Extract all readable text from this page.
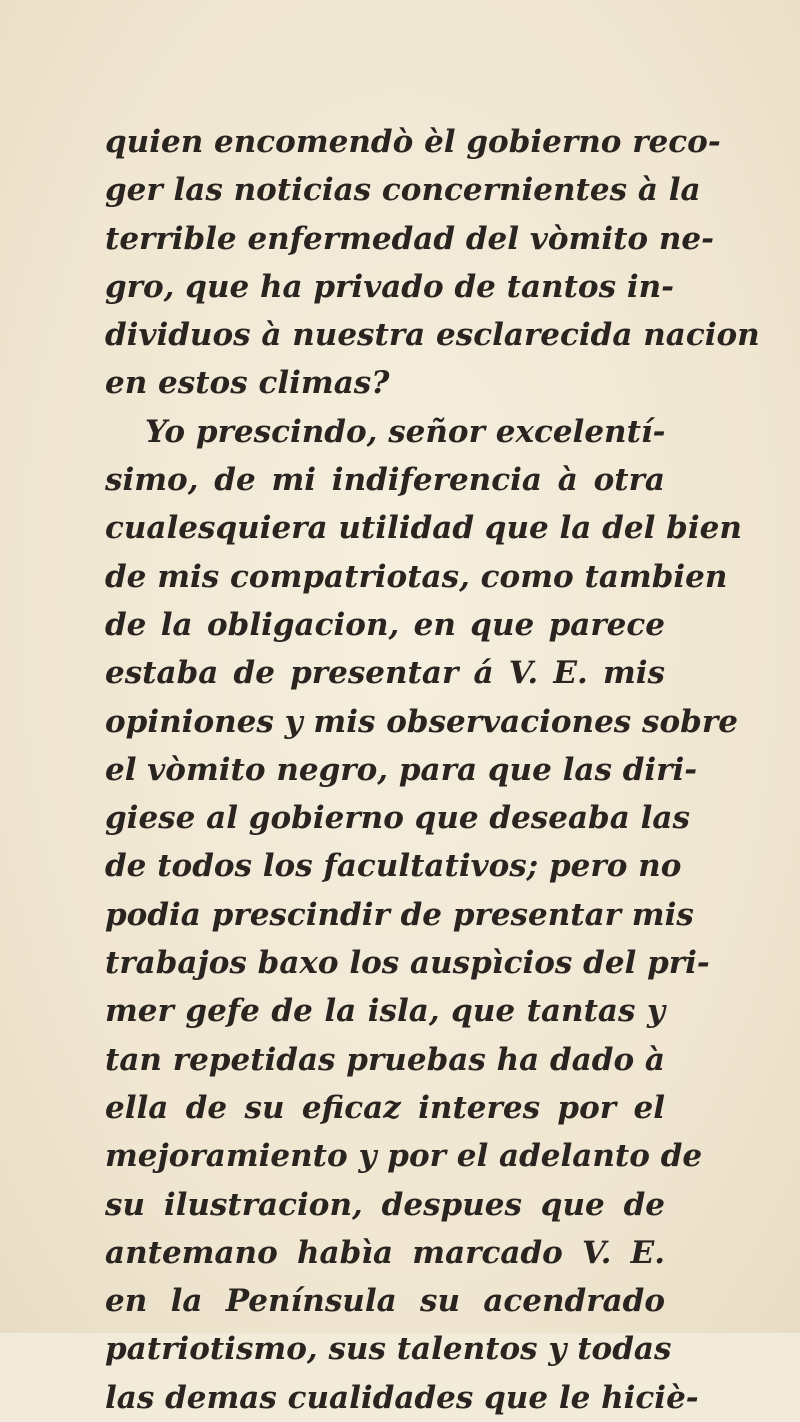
quien encomendò èl gobierno reco-
ger las noticias concernientes à la
terrible enfermedad del vòmito ne-
gro, que ha privado de tantos in-
dividuos à nuestra esclarecida nacion
en estos climas?
Yo prescindo, señor excelentí-
simo, de mi indiferencia à otra
cualesquiera utilidad que la del bien
de mis compatriotas, como tambien
de la obligacion, en que parece
estaba de presentar á V. E. mis
opiniones y mis observaciones sobre
el vòmito negro, para que las diri-
giese al gobierno que deseaba las
de todos los facultativos; pero no
podia prescindir de presentar mis
trabajos baxo los auspìcios del pri-
mer gefe de la isla, que tantas y
tan repetidas pruebas ha dado à
ella de su eficaz interes por el
mejoramiento y por el adelanto de
su ilustracion, despues que de
antemano habìa marcado V. E.
en la Península su acendrado
patriotismo, sus talentos y todas
las demas cualidades que le hiciè-
